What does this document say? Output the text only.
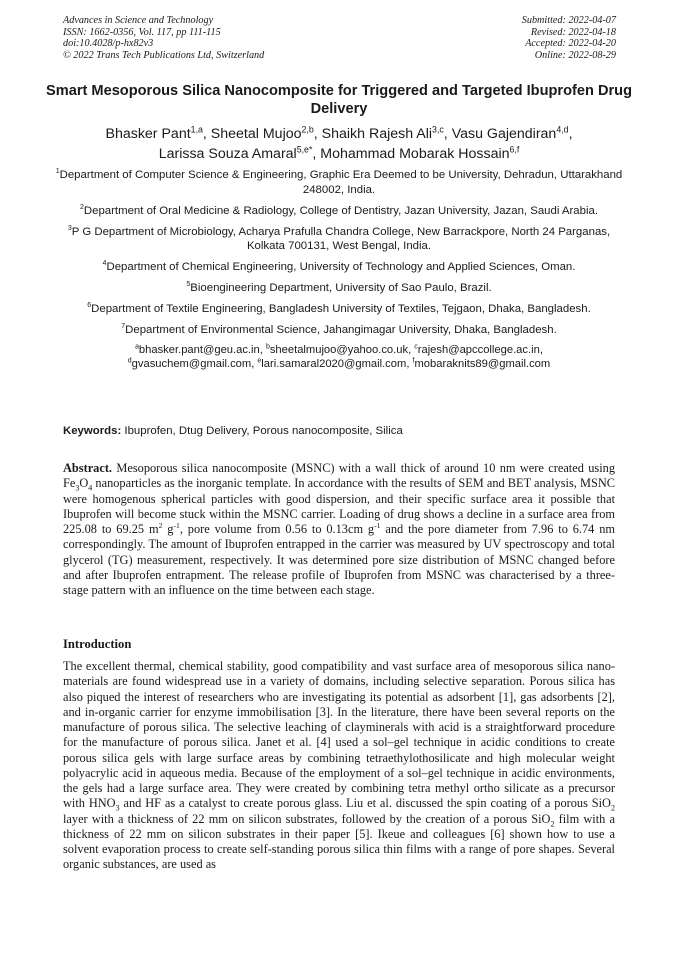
Advances in Science and Technology
ISSN: 1662-0356, Vol. 117, pp 111-115
doi:10.4028/p-hx82v3
© 2022 Trans Tech Publications Ltd, Switzerland
Submitted: 2022-04-07
Revised: 2022-04-18
Accepted: 2022-04-20
Online: 2022-08-29
Smart Mesoporous Silica Nanocomposite for Triggered and Targeted Ibuprofen Drug Delivery
Bhasker Pant$^{1,a}$, Sheetal Mujoo$^{2,b}$, Shaikh Rajesh Ali$^{3,c}$, Vasu Gajendiran$^{4,d}$,
Larissa Souza Amaral$^{5,e*}$, Mohammad Mobarak Hossain$^{6,f}$
$^1$Department of Computer Science & Engineering, Graphic Era Deemed to be University, Dehradun, Uttarakhand 248002, India.
$^2$Department of Oral Medicine & Radiology, College of Dentistry, Jazan University, Jazan, Saudi Arabia.
$^3$P G Department of Microbiology, Acharya Prafulla Chandra College, New Barrackpore, North 24 Parganas, Kolkata 700131, West Bengal, India.
$^4$Department of Chemical Engineering, University of Technology and Applied Sciences, Oman.
$^5$Bioengineering Department, University of Sao Paulo, Brazil.
$^6$Department of Textile Engineering, Bangladesh University of Textiles, Tejgaon, Dhaka, Bangladesh.
$^7$Department of Environmental Science, Jahangimagar University, Dhaka, Bangladesh.
$^a$bhasker.pant@geu.ac.in, $^b$sheetalmujoo@yahoo.co.uk, $^c$rajesh@apccollege.ac.in,
$^d$gvasuchem@gmail.com, $^e$lari.samaral2020@gmail.com, $^f$mobaraknits89@gmail.com
Keywords: Ibuprofen, Dtug Delivery, Porous nanocomposite, Silica

Abstract. Mesoporous silica nanocomposite (MSNC) with a wall thick of around 10 nm were created using $Fe_3O_4$ nanoparticles as the inorganic template. In accordance with the results of SEM and BET analysis, MSNC were homogenous spherical particles with good dispersion, and their specific surface area it possible that Ibuprofen will become stuck within the MSNC carrier. Loading of drug shows a decline in a surface area from 225.08 to 69.25 $m^2$ $g^{-1}$, pore volume from 0.56 to 0.13cm $g^{-1}$ and the pore diameter from 7.96 to 6.74 nm correspondingly. The amount of Ibuprofen entrapped in the carrier was measured by UV spectroscopy and total glycerol (TG) measurement, respectively. It was determined pore size distribution of MSNC changed before and after Ibuprofen entrapment. The release profile of Ibuprofen from MSNC was characterised by a three-stage pattern with an influence on the time between each stage.

Introduction

The excellent thermal, chemical stability, good compatibility and vast surface area of mesoporous silica nano-materials are found widespread use in a variety of domains, including selective separation. Porous silica has also piqued the interest of researchers who are investigating its potential as adsorbent [1], gas adsorbents [2], and in-organic carrier for enzyme immobilisation [3]. In the literature, there have been several reports on the manufacture of porous silica. The selective leaching of clayminerals with acid is a straightforward procedure for the manufacture of porous silica. Janet et al. [4] used a sol–gel technique in acidic conditions to create porous silica gels with large surface areas by combining tetraethylothosilicate and high molecular weight polyacrylic acid in aqueous media. Because of the employment of a sol–gel technique in acidic environments, the gels had a large surface area. They were created by combining tetra methyl ortho silicate as a precursor with $HNO_3$ and HF as a catalyst to create porous glass. Liu et al. discussed the spin coating of a porous SiO$_2$ layer with a thickness of 22 mm on silicon substrates, followed by the creation of a porous SiO$_2$ film with a thickness of 22 mm on silicon substrates in their paper [5]. Ikeue and colleagues [6] shown how to use a solvent evaporation process to create self-standing porous silica thin films with a range of pore shapes. Several organic substances, are used as
